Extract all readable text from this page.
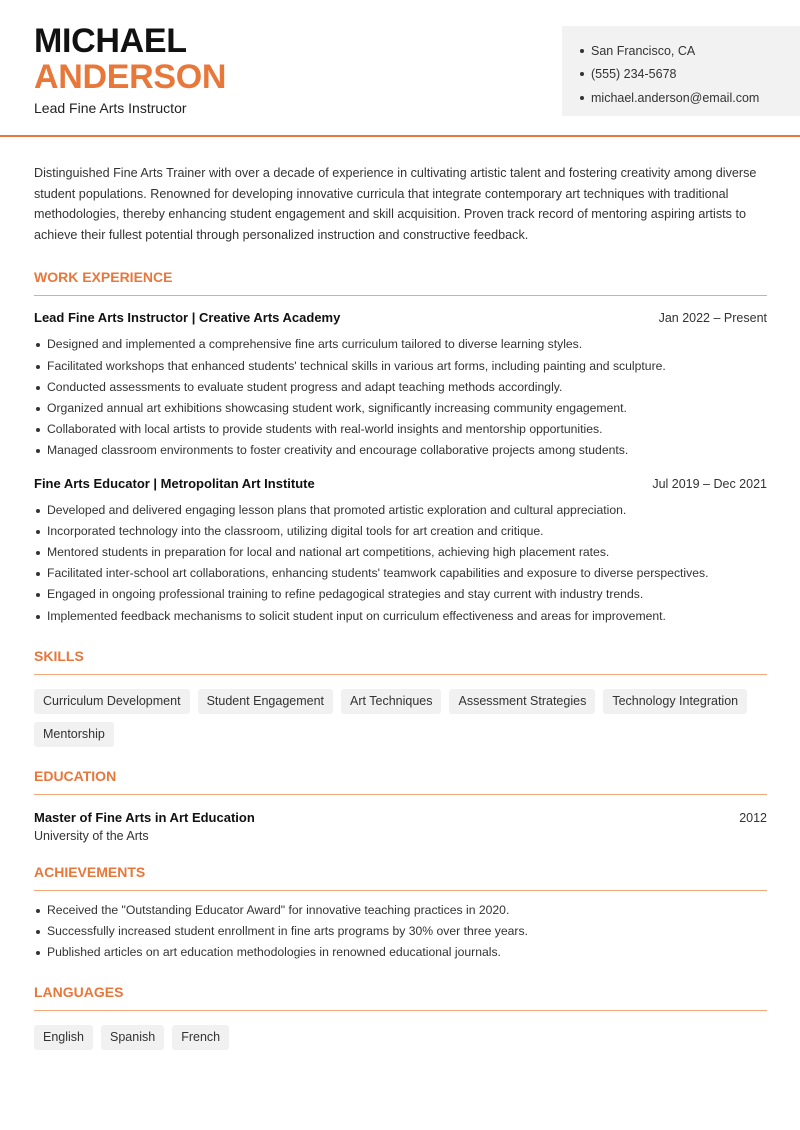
MICHAEL
ANDERSON
Lead Fine Arts Instructor
San Francisco, CA
(555) 234-5678
michael.anderson@email.com

Distinguished Fine Arts Trainer with over a decade of experience in cultivating artistic talent and fostering creativity among diverse student populations. Renowned for developing innovative curricula that integrate contemporary art techniques with traditional methodologies, thereby enhancing student engagement and skill acquisition. Proven track record of mentoring aspiring artists to achieve their fullest potential through personalized instruction and constructive feedback.

WORK EXPERIENCE
Lead Fine Arts Instructor | Creative Arts Academy	Jan 2022 – Present
Designed and implemented a comprehensive fine arts curriculum tailored to diverse learning styles.
Facilitated workshops that enhanced students' technical skills in various art forms, including painting and sculpture.
Conducted assessments to evaluate student progress and adapt teaching methods accordingly.
Organized annual art exhibitions showcasing student work, significantly increasing community engagement.
Collaborated with local artists to provide students with real-world insights and mentorship opportunities.
Managed classroom environments to foster creativity and encourage collaborative projects among students.
Fine Arts Educator | Metropolitan Art Institute	Jul 2019 – Dec 2021
Developed and delivered engaging lesson plans that promoted artistic exploration and cultural appreciation.
Incorporated technology into the classroom, utilizing digital tools for art creation and critique.
Mentored students in preparation for local and national art competitions, achieving high placement rates.
Facilitated inter-school art collaborations, enhancing students' teamwork capabilities and exposure to diverse perspectives.
Engaged in ongoing professional training to refine pedagogical strategies and stay current with industry trends.
Implemented feedback mechanisms to solicit student input on curriculum effectiveness and areas for improvement.
SKILLS
Curriculum Development	Student Engagement	Art Techniques	Assessment Strategies	Technology Integration
Mentorship
EDUCATION
Master of Fine Arts in Art Education	2012
University of the Arts
ACHIEVEMENTS
Received the "Outstanding Educator Award" for innovative teaching practices in 2020.
Successfully increased student enrollment in fine arts programs by 30% over three years.
Published articles on art education methodologies in renowned educational journals.
LANGUAGES
English	Spanish	French
